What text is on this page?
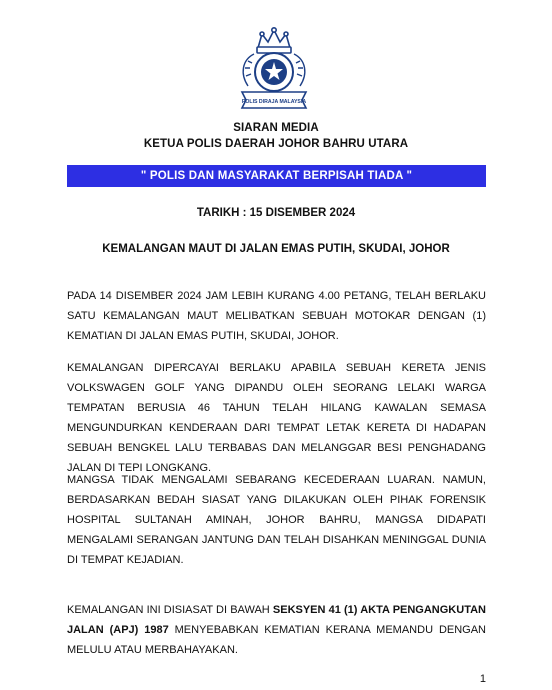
POLIS DIRAJA MALAYSIA
SIARAN MEDIA
KETUA POLIS DAERAH JOHOR BAHRU UTARA
" POLIS DAN MASYARAKAT BERPISAH TIADA "
TARIKH : 15 DISEMBER 2024
KEMALANGAN MAUT DI JALAN EMAS PUTIH, SKUDAI, JOHOR

PADA 14 DISEMBER 2024 JAM LEBIH KURANG 4.00 PETANG, TELAH BERLAKU SATU KEMALANGAN MAUT MELIBATKAN SEBUAH MOTOKAR DENGAN (1) KEMATIAN DI JALAN EMAS PUTIH, SKUDAI, JOHOR.

KEMALANGAN DIPERCAYAI BERLAKU APABILA SEBUAH KERETA JENIS VOLKSWAGEN GOLF YANG DIPANDU OLEH SEORANG LELAKI WARGA TEMPATAN BERUSIA 46 TAHUN TELAH HILANG KAWALAN SEMASA MENGUNDURKAN KENDERAAN DARI TEMPAT LETAK KERETA DI HADAPAN SEBUAH BENGKEL LALU TERBABAS DAN MELANGGAR BESI PENGHADANG JALAN DI TEPI LONGKANG.

MANGSA TIDAK MENGALAMI SEBARANG KECEDERAAN LUARAN. NAMUN, BERDASARKAN BEDAH SIASAT YANG DILAKUKAN OLEH PIHAK FORENSIK HOSPITAL SULTANAH AMINAH, JOHOR BAHRU, MANGSA DIDAPATI MENGALAMI SERANGAN JANTUNG DAN TELAH DISAHKAN MENINGGAL DUNIA DI TEMPAT KEJADIAN.

KEMALANGAN INI DISIASAT DI BAWAH SEKSYEN 41 (1) AKTA PENGANGKUTAN JALAN (APJ) 1987 MENYEBABKAN KEMATIAN KERANA MEMANDU DENGAN MELULU ATAU MERBAHAYAKAN.

1
